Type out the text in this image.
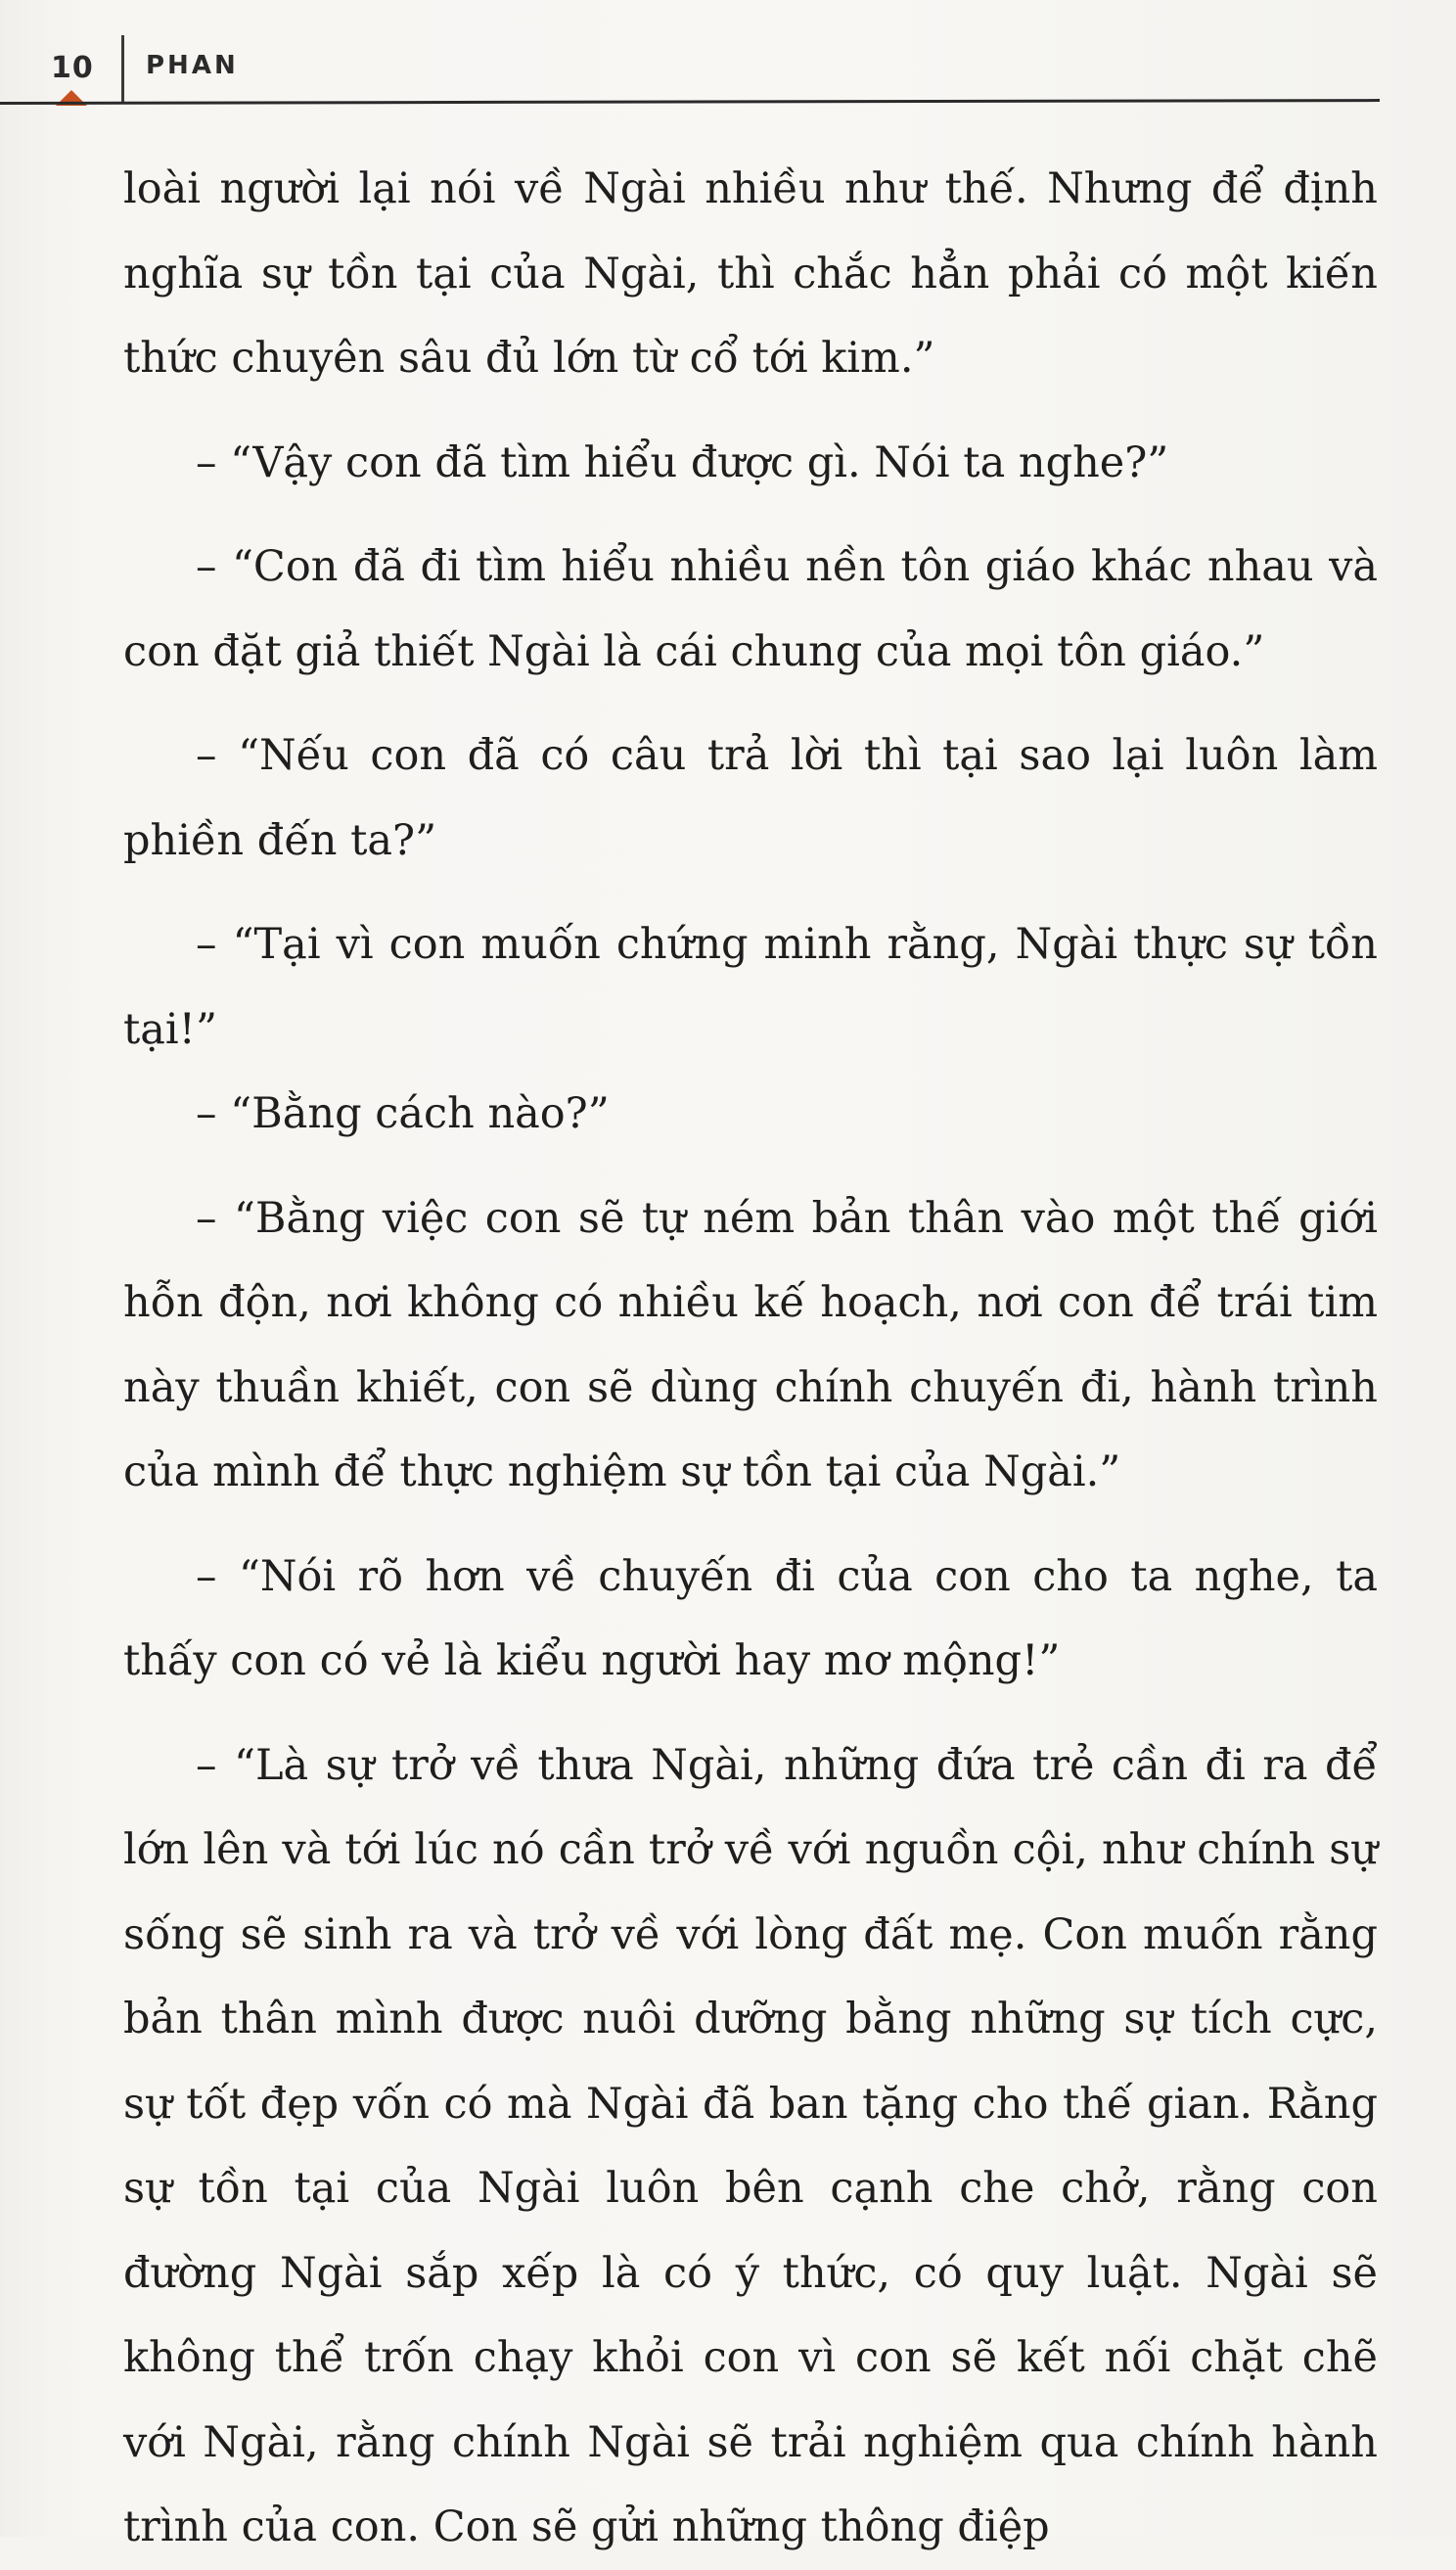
10 PHAN

loài người lại nói về Ngài nhiều như thế. Nhưng để định nghĩa sự tồn tại của Ngài, thì chắc hẳn phải có một kiến thức chuyên sâu đủ lớn từ cổ tới kim.”

– “Vậy con đã tìm hiểu được gì. Nói ta nghe?”

– “Con đã đi tìm hiểu nhiều nền tôn giáo khác nhau và con đặt giả thiết Ngài là cái chung của mọi tôn giáo.”

– “Nếu con đã có câu trả lời thì tại sao lại luôn làm phiền đến ta?”

– “Tại vì con muốn chứng minh rằng, Ngài thực sự tồn tại!”

– “Bằng cách nào?”

– “Bằng việc con sẽ tự ném bản thân vào một thế giới hỗn độn, nơi không có nhiều kế hoạch, nơi con để trái tim này thuần khiết, con sẽ dùng chính chuyến đi, hành trình của mình để thực nghiệm sự tồn tại của Ngài.”

– “Nói rõ hơn về chuyến đi của con cho ta nghe, ta thấy con có vẻ là kiểu người hay mơ mộng!”

– “Là sự trở về thưa Ngài, những đứa trẻ cần đi ra để lớn lên và tới lúc nó cần trở về với nguồn cội, như chính sự sống sẽ sinh ra và trở về với lòng đất mẹ. Con muốn rằng bản thân mình được nuôi dưỡng bằng những sự tích cực, sự tốt đẹp vốn có mà Ngài đã ban tặng cho thế gian. Rằng sự tồn tại của Ngài luôn bên cạnh che chở, rằng con đường Ngài sắp xếp là có ý thức, có quy luật. Ngài sẽ không thể trốn chạy khỏi con vì con sẽ kết nối chặt chẽ với Ngài, rằng chính Ngài sẽ trải nghiệm qua chính hành trình của con. Con sẽ gửi những thông điệp
